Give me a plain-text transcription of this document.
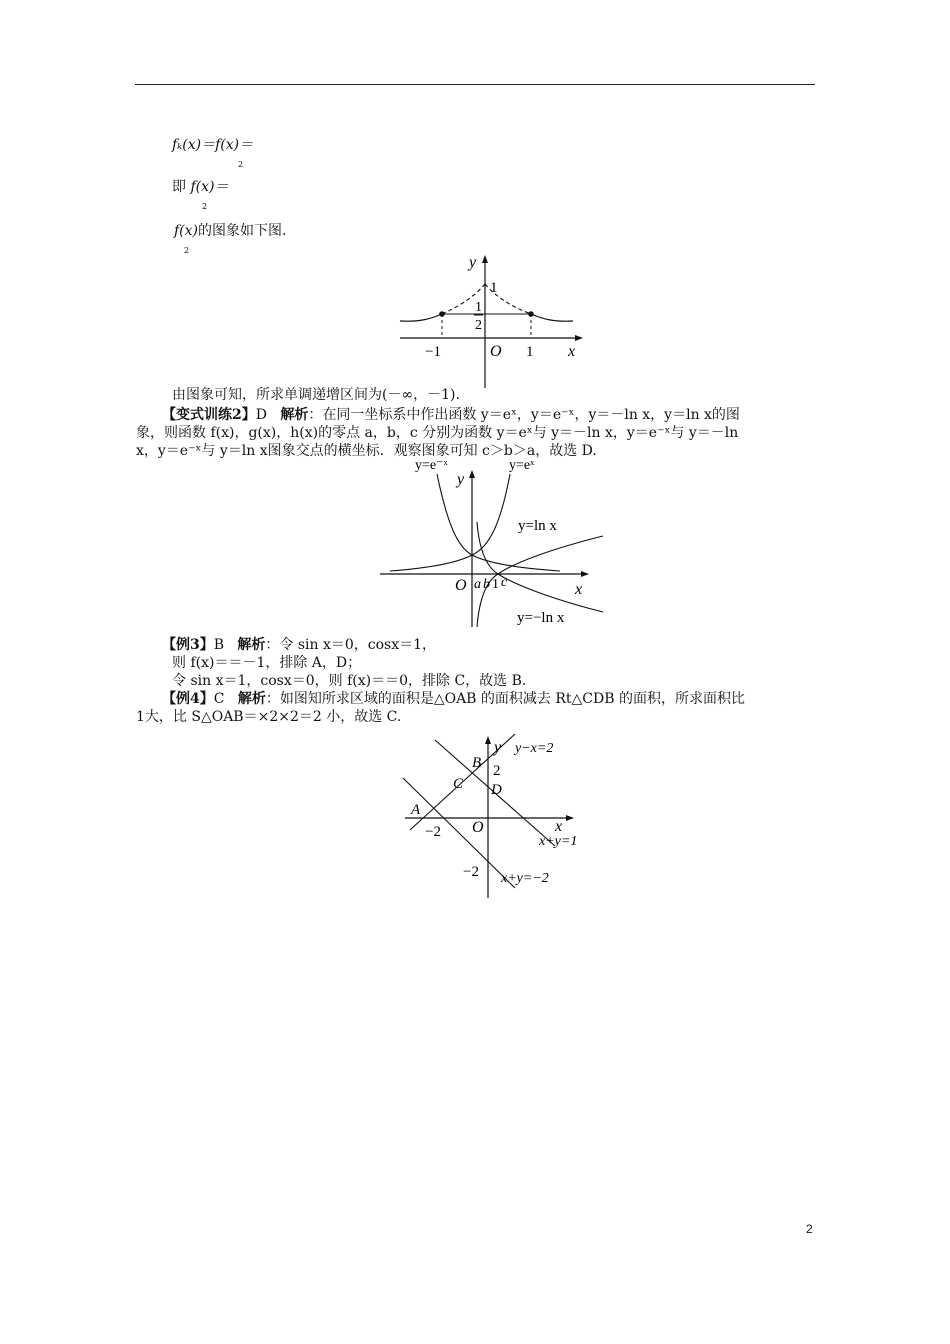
fₖ(x)＝f(x)＝
2
即 f(x)＝
2
f(x)的图象如下图.
2
y
1
1
2
−1	O 1 x
由图象可知，所求单调递增区间为(－∞，－1).
【变式训练2】D 解析：在同一坐标系中作出函数 y＝eˣ，y＝e⁻ˣ，y＝－ln x，y＝ln x的图
象，则函数 f(x)，g(x)，h(x)的零点 a，b，c 分别为函数 y＝eˣ与 y＝－ln x，y＝e⁻ˣ与 y＝－ln
x，y＝e⁻ˣ与 y＝ln x图象交点的横坐标．观察图象可知 c＞b＞a，故选 D.
y=e⁻ˣ	y=eˣ
y
y=ln x
O a b 1 c	x
y=−ln x
【例3】B 解析：令 sin x＝0，cosx＝1，
则 f(x)＝＝－1，排除 A，D；
令 sin x＝1，cosx＝0，则 f(x)＝＝0，排除 C，故选 B.
【例4】C 解析：如图知所求区域的面积是△OAB 的面积减去 Rt△CDB 的面积，所求面积比
1大，比 S△OAB＝×2×2＝2 小，故选 C.
y y−x=2
B 2
C D
A
−2 O	x
x+y=1
−2 x+y=−2
2
